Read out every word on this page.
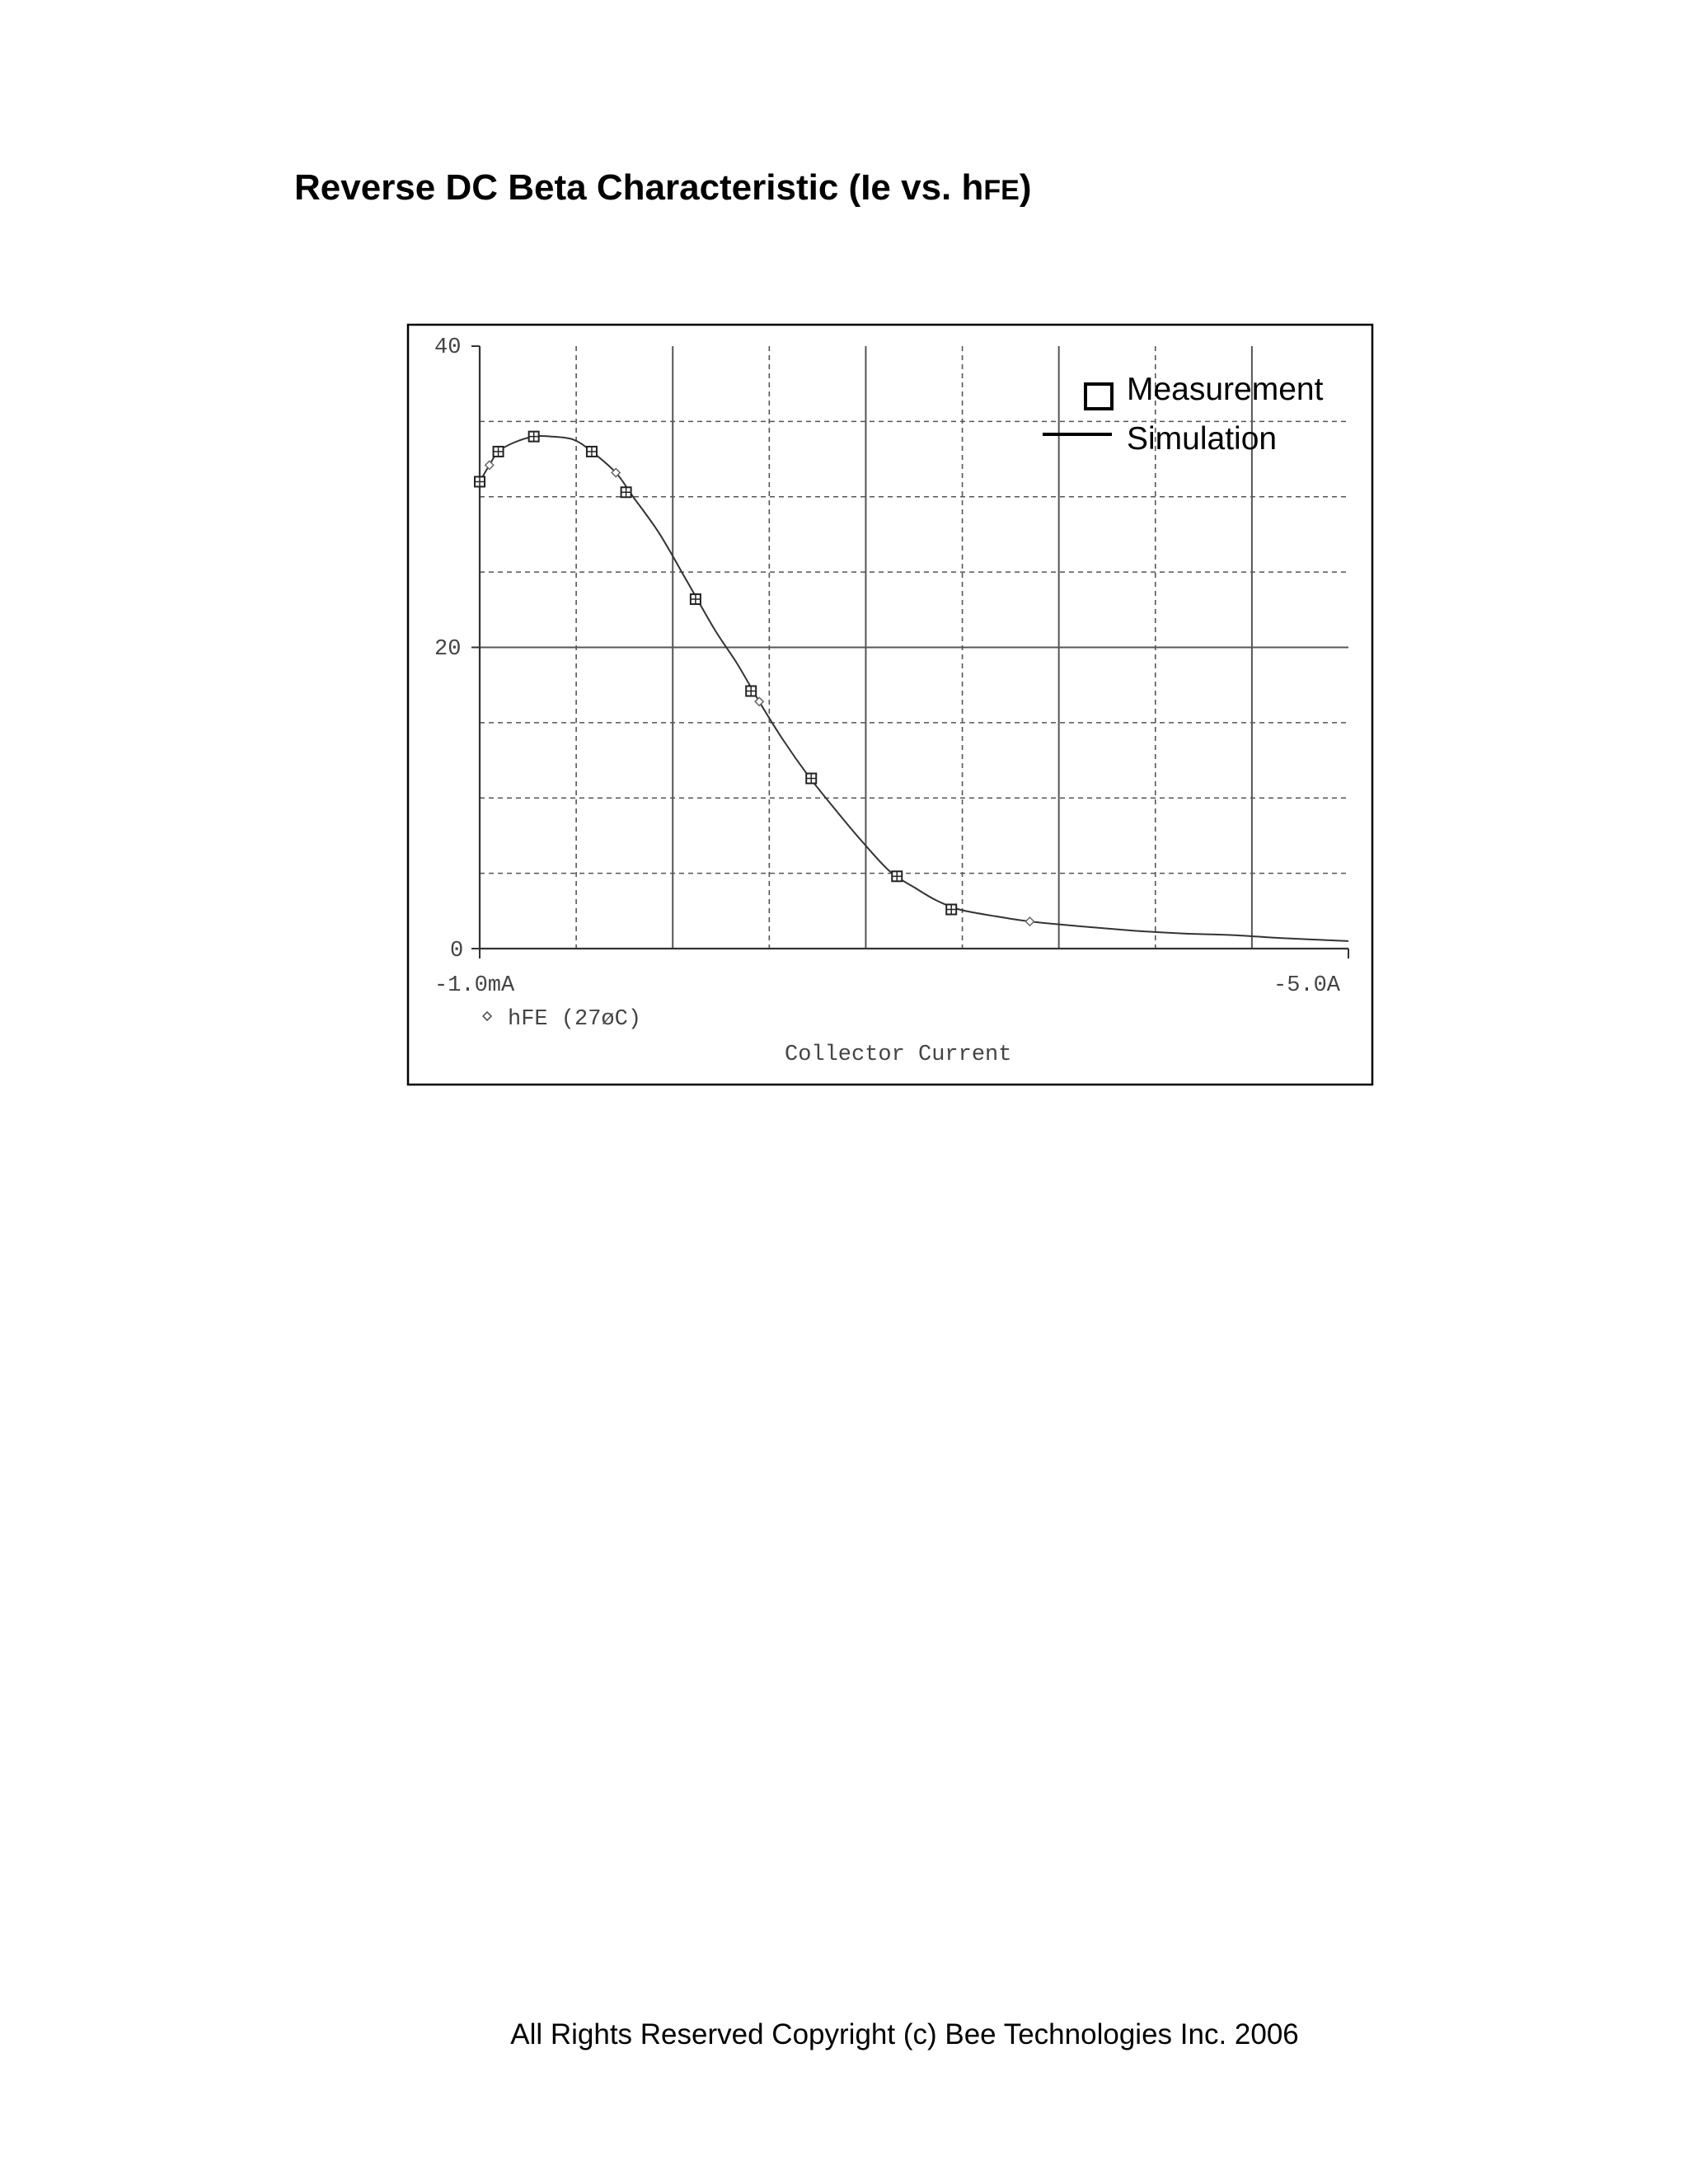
Reverse DC Beta Characteristic (Ie vs. hFE)
40
20
0
-1.0mA	-5.0A
hFE (27øC)
Collector Current
Measurement
Simulation
All Rights Reserved Copyright (c) Bee Technologies Inc. 2006
